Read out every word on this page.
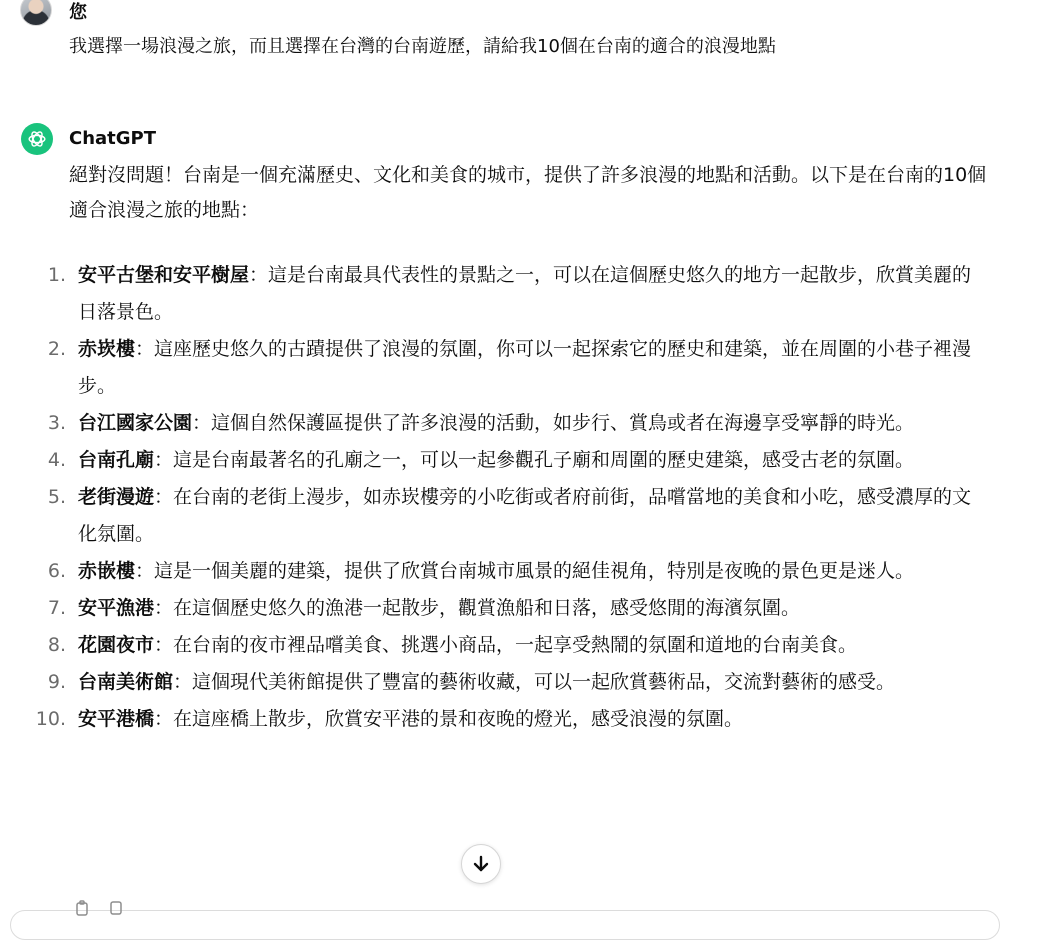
您
我選擇一場浪漫之旅，而且選擇在台灣的台南遊歷，請給我10個在台南的適合的浪漫地點
ChatGPT
絕對沒問題！台南是一個充滿歷史、文化和美食的城市，提供了許多浪漫的地點和活動。以下是在台南的10個適合浪漫之旅的地點：
1. 安平古堡和安平樹屋：這是台南最具代表性的景點之一，可以在這個歷史悠久的地方一起散步，欣賞美麗的日落景色。
2. 赤崁樓：這座歷史悠久的古蹟提供了浪漫的氛圍，你可以一起探索它的歷史和建築，並在周圍的小巷子裡漫步。
3. 台江國家公園：這個自然保護區提供了許多浪漫的活動，如步行、賞鳥或者在海邊享受寧靜的時光。
4. 台南孔廟：這是台南最著名的孔廟之一，可以一起參觀孔子廟和周圍的歷史建築，感受古老的氛圍。
5. 老街漫遊：在台南的老街上漫步，如赤崁樓旁的小吃街或者府前街，品嚐當地的美食和小吃，感受濃厚的文化氛圍。
6. 赤嵌樓：這是一個美麗的建築，提供了欣賞台南城市風景的絕佳視角，特別是夜晚的景色更是迷人。
7. 安平漁港：在這個歷史悠久的漁港一起散步，觀賞漁船和日落，感受悠閒的海濱氛圍。
8. 花園夜市：在台南的夜市裡品嚐美食、挑選小商品，一起享受熱鬧的氛圍和道地的台南美食。
9. 台南美術館：這個現代美術館提供了豐富的藝術收藏，可以一起欣賞藝術品，交流對藝術的感受。
10. 安平港橋：在這座橋上散步，欣賞安平港的景和夜晚的燈光，感受浪漫的氛圍。
